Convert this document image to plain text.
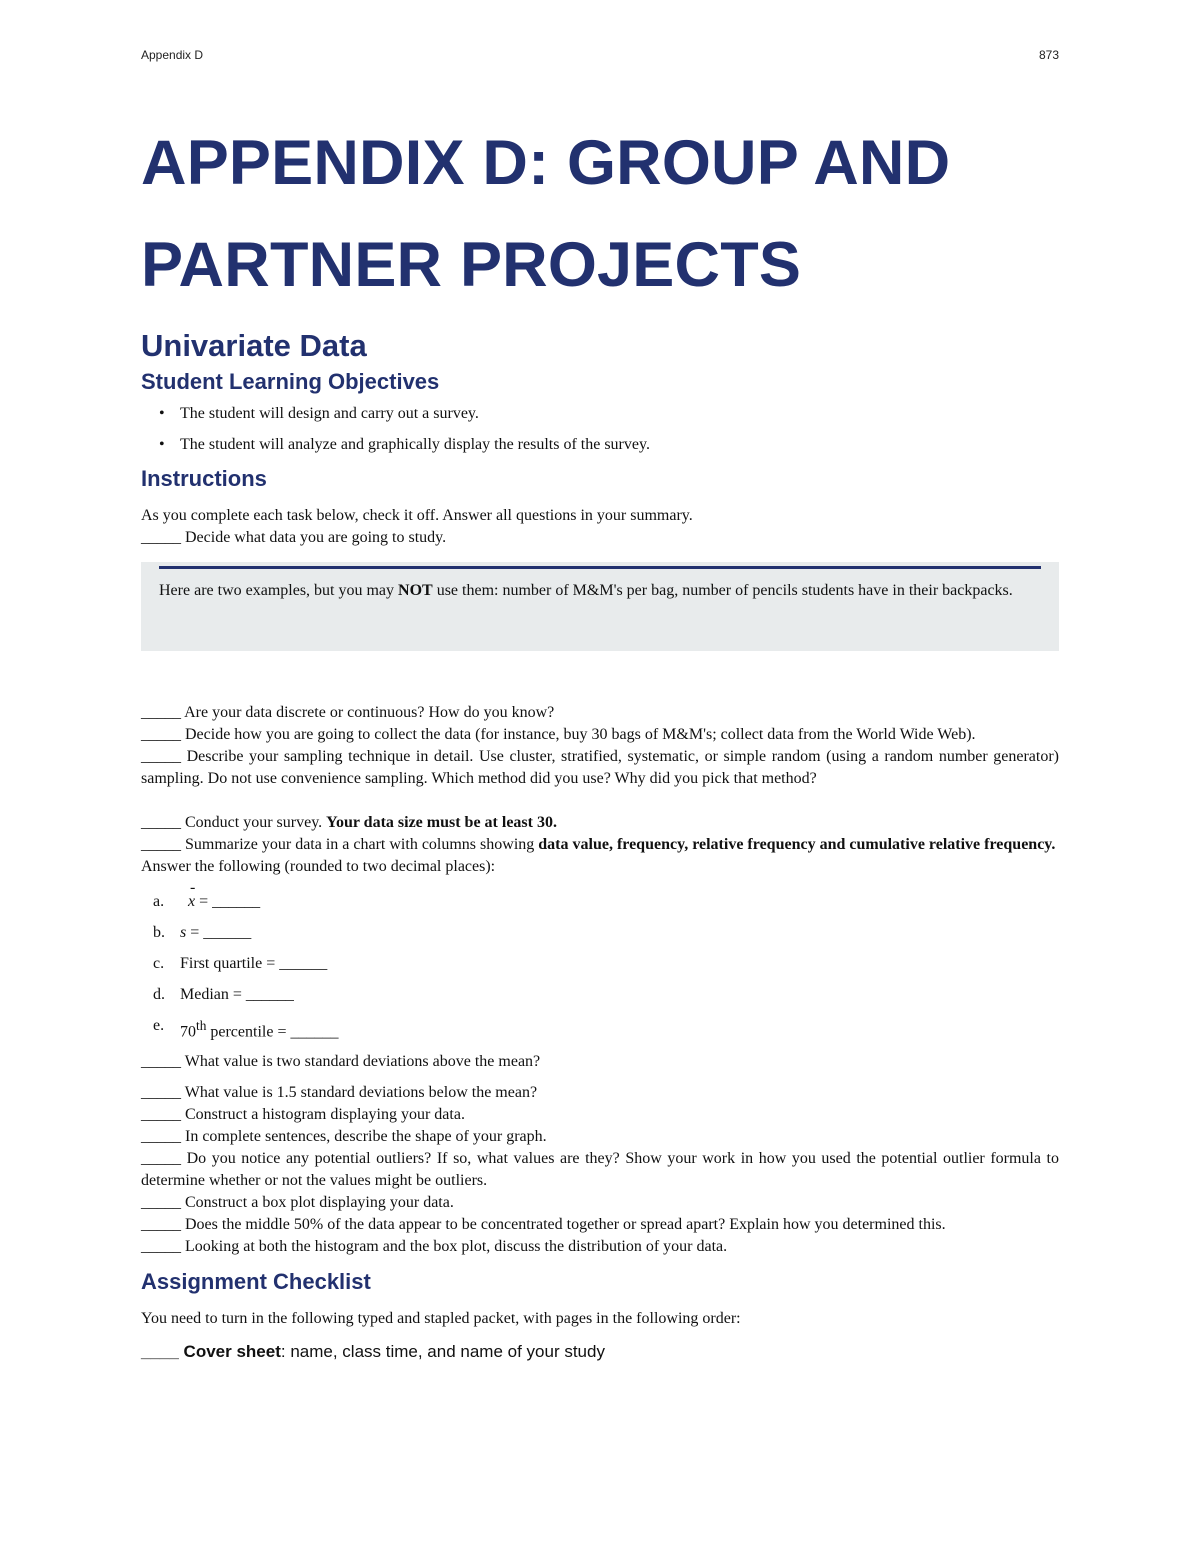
Appendix D	873
APPENDIX D: GROUP AND
PARTNER PROJECTS
Univariate Data
Student Learning Objectives
• The student will design and carry out a survey.
• The student will analyze and graphically display the results of the survey.
Instructions

As you complete each task below, check it off. Answer all questions in your summary.

_____ Decide what data you are going to study.

Here are two examples, but you may NOT use them: number of M&M's per bag, number of pencils students have in their backpacks.

_____ Are your data discrete or continuous? How do you know?

_____ Decide how you are going to collect the data (for instance, buy 30 bags of M&M's; collect data from the World Wide Web).

_____ Describe your sampling technique in detail. Use cluster, stratified, systematic, or simple random (using a random number generator) sampling. Do not use convenience sampling. Which method did you use? Why did you pick that method?

_____ Conduct your survey. Your data size must be at least 30.

_____ Summarize your data in a chart with columns showing data value, frequency, relative frequency and cumulative relative frequency.

Answer the following (rounded to two decimal places):

a.
-	x = ______
b. s = ______
c. First quartile = ______
d. Median = ______
e. 70th percentile = ______

_____ What value is two standard deviations above the mean?

_____ What value is 1.5 standard deviations below the mean?

_____ Construct a histogram displaying your data.

_____ In complete sentences, describe the shape of your graph.

_____ Do you notice any potential outliers? If so, what values are they? Show your work in how you used the potential outlier formula to determine whether or not the values might be outliers.

_____ Construct a box plot displaying your data.

_____ Does the middle 50% of the data appear to be concentrated together or spread apart? Explain how you determined this.

_____ Looking at both the histogram and the box plot, discuss the distribution of your data.

Assignment Checklist

You need to turn in the following typed and stapled packet, with pages in the following order:

____ Cover sheet: name, class time, and name of your study
